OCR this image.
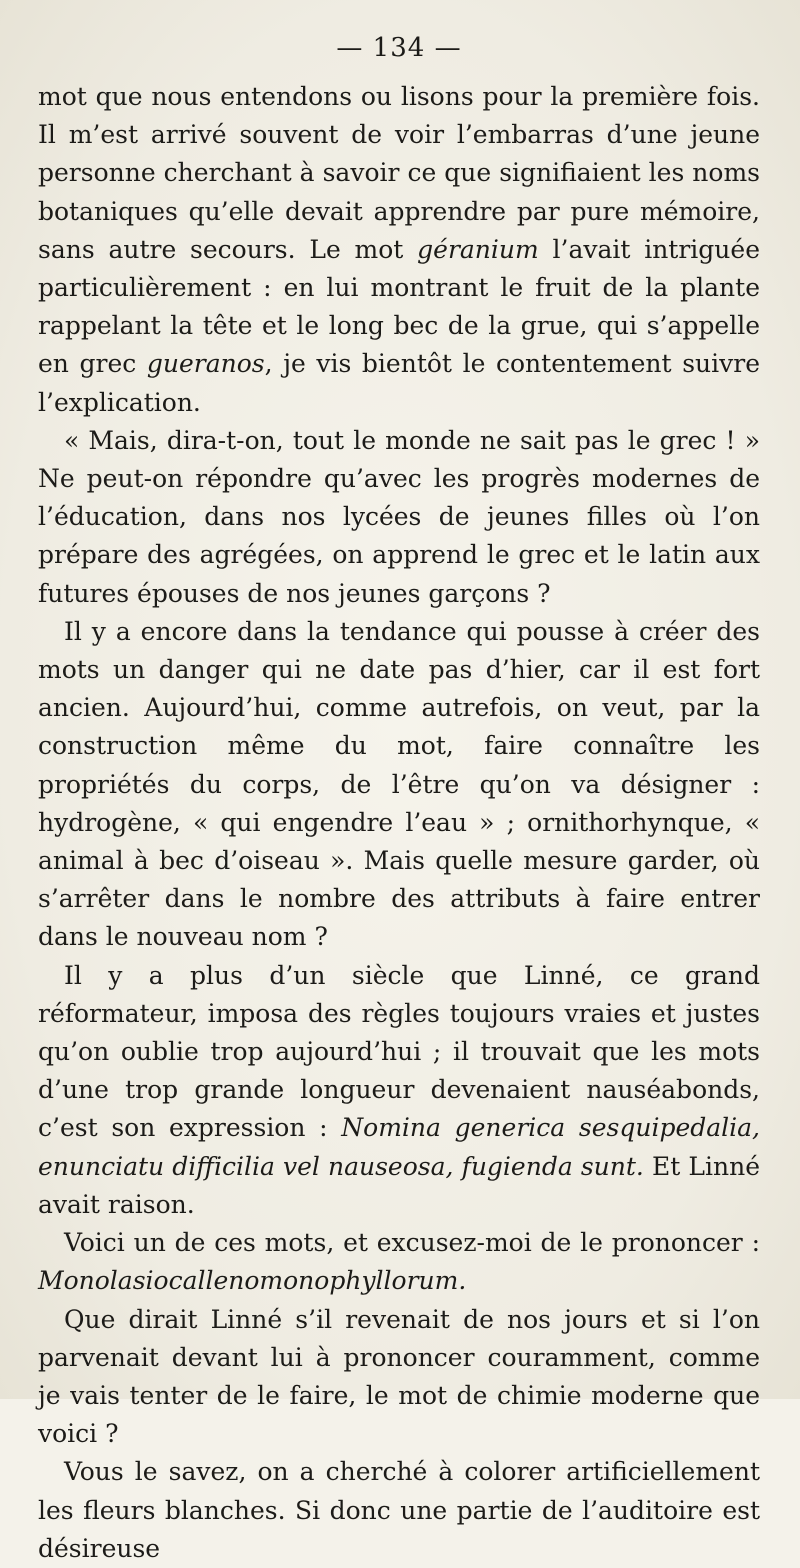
— 134 —

mot que nous entendons ou lisons pour la première fois. Il m’est arrivé souvent de voir l’embarras d’une jeune personne cherchant à savoir ce que signifiaient les noms botaniques qu’elle devait apprendre par pure mémoire, sans autre secours. Le mot géranium l’avait intriguée particulièrement : en lui montrant le fruit de la plante rappelant la tête et le long bec de la grue, qui s’appelle en grec gueranos, je vis bientôt le contentement suivre l’explication.

« Mais, dira-t-on, tout le monde ne sait pas le grec ! » Ne peut-on répondre qu’avec les progrès modernes de l’éducation, dans nos lycées de jeunes filles où l’on prépare des agrégées, on apprend le grec et le latin aux futures épouses de nos jeunes garçons ?

Il y a encore dans la tendance qui pousse à créer des mots un danger qui ne date pas d’hier, car il est fort ancien. Aujourd’hui, comme autrefois, on veut, par la construction même du mot, faire connaître les propriétés du corps, de l’être qu’on va désigner : hydrogène, « qui engendre l’eau » ; ornithorhynque, « animal à bec d’oiseau ». Mais quelle mesure garder, où s’arrêter dans le nombre des attributs à faire entrer dans le nouveau nom ?

Il y a plus d’un siècle que Linné, ce grand réformateur, imposa des règles toujours vraies et justes qu’on oublie trop aujourd’hui ; il trouvait que les mots d’une trop grande longueur devenaient nauséabonds, c’est son expression : Nomina generica sesquipedalia, enunciatu difficilia vel nauseosa, fugienda sunt. Et Linné avait raison.

Voici un de ces mots, et excusez-moi de le prononcer : Monolasiocallenomonophyllorum.

Que dirait Linné s’il revenait de nos jours et si l’on parvenait devant lui à prononcer couramment, comme je vais tenter de le faire, le mot de chimie moderne que voici ?

Vous le savez, on a cherché à colorer artificiellement les fleurs blanches. Si donc une partie de l’auditoire est désireuse
